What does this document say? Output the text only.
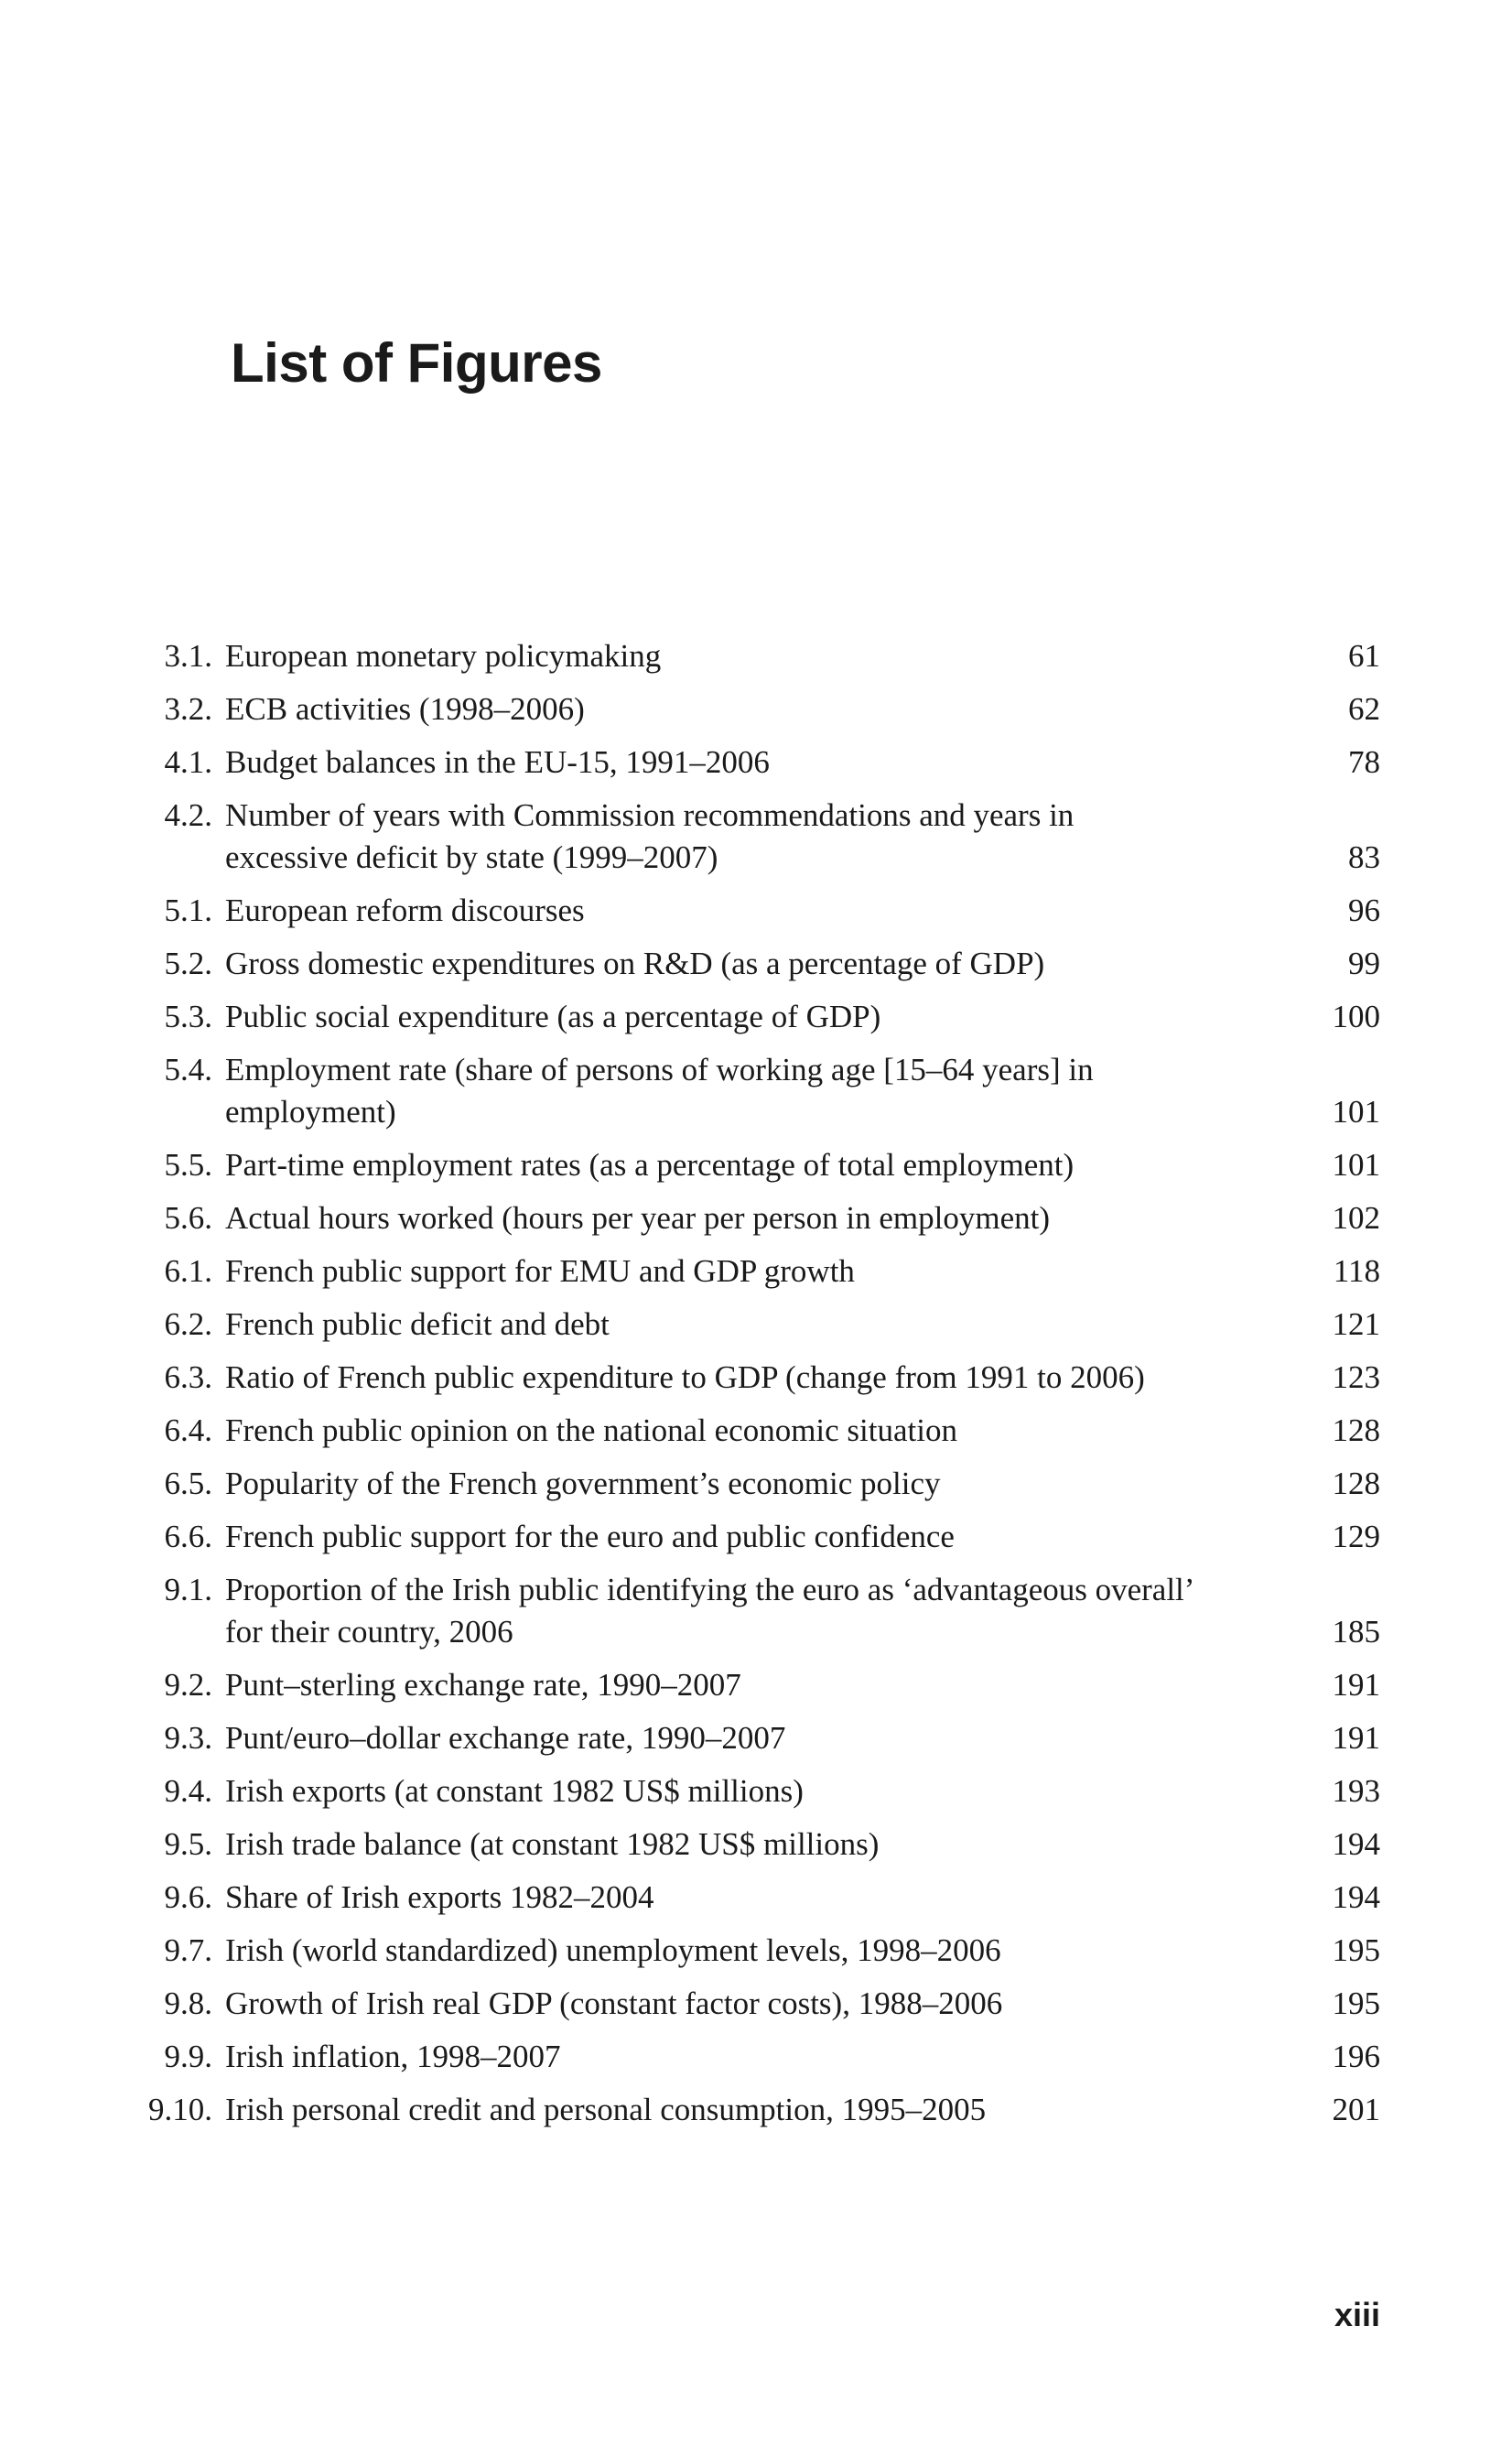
List of Figures
3.1. European monetary policymaking	61
3.2. ECB activities (1998–2006)	62
4.1. Budget balances in the EU-15, 1991–2006	78
4.2. Number of years with Commission recommendations and years in excessive deficit by state (1999–2007)	83
5.1. European reform discourses	96
5.2. Gross domestic expenditures on R&D (as a percentage of GDP)	99
5.3. Public social expenditure (as a percentage of GDP)	100
5.4. Employment rate (share of persons of working age [15–64 years] in employment)	101
5.5. Part-time employment rates (as a percentage of total employment)	101
5.6. Actual hours worked (hours per year per person in employment)	102
6.1. French public support for EMU and GDP growth	118
6.2. French public deficit and debt	121
6.3. Ratio of French public expenditure to GDP (change from 1991 to 2006)	123
6.4. French public opinion on the national economic situation	128
6.5. Popularity of the French government’s economic policy	128
6.6. French public support for the euro and public confidence	129
9.1. Proportion of the Irish public identifying the euro as ‘advantageous overall’ for their country, 2006	185
9.2. Punt–sterling exchange rate, 1990–2007	191
9.3. Punt/euro–dollar exchange rate, 1990–2007	191
9.4. Irish exports (at constant 1982 US$ millions)	193
9.5. Irish trade balance (at constant 1982 US$ millions)	194
9.6. Share of Irish exports 1982–2004	194
9.7. Irish (world standardized) unemployment levels, 1998–2006	195
9.8. Growth of Irish real GDP (constant factor costs), 1988–2006	195
9.9. Irish inflation, 1998–2007	196
9.10. Irish personal credit and personal consumption, 1995–2005	201
xiii
